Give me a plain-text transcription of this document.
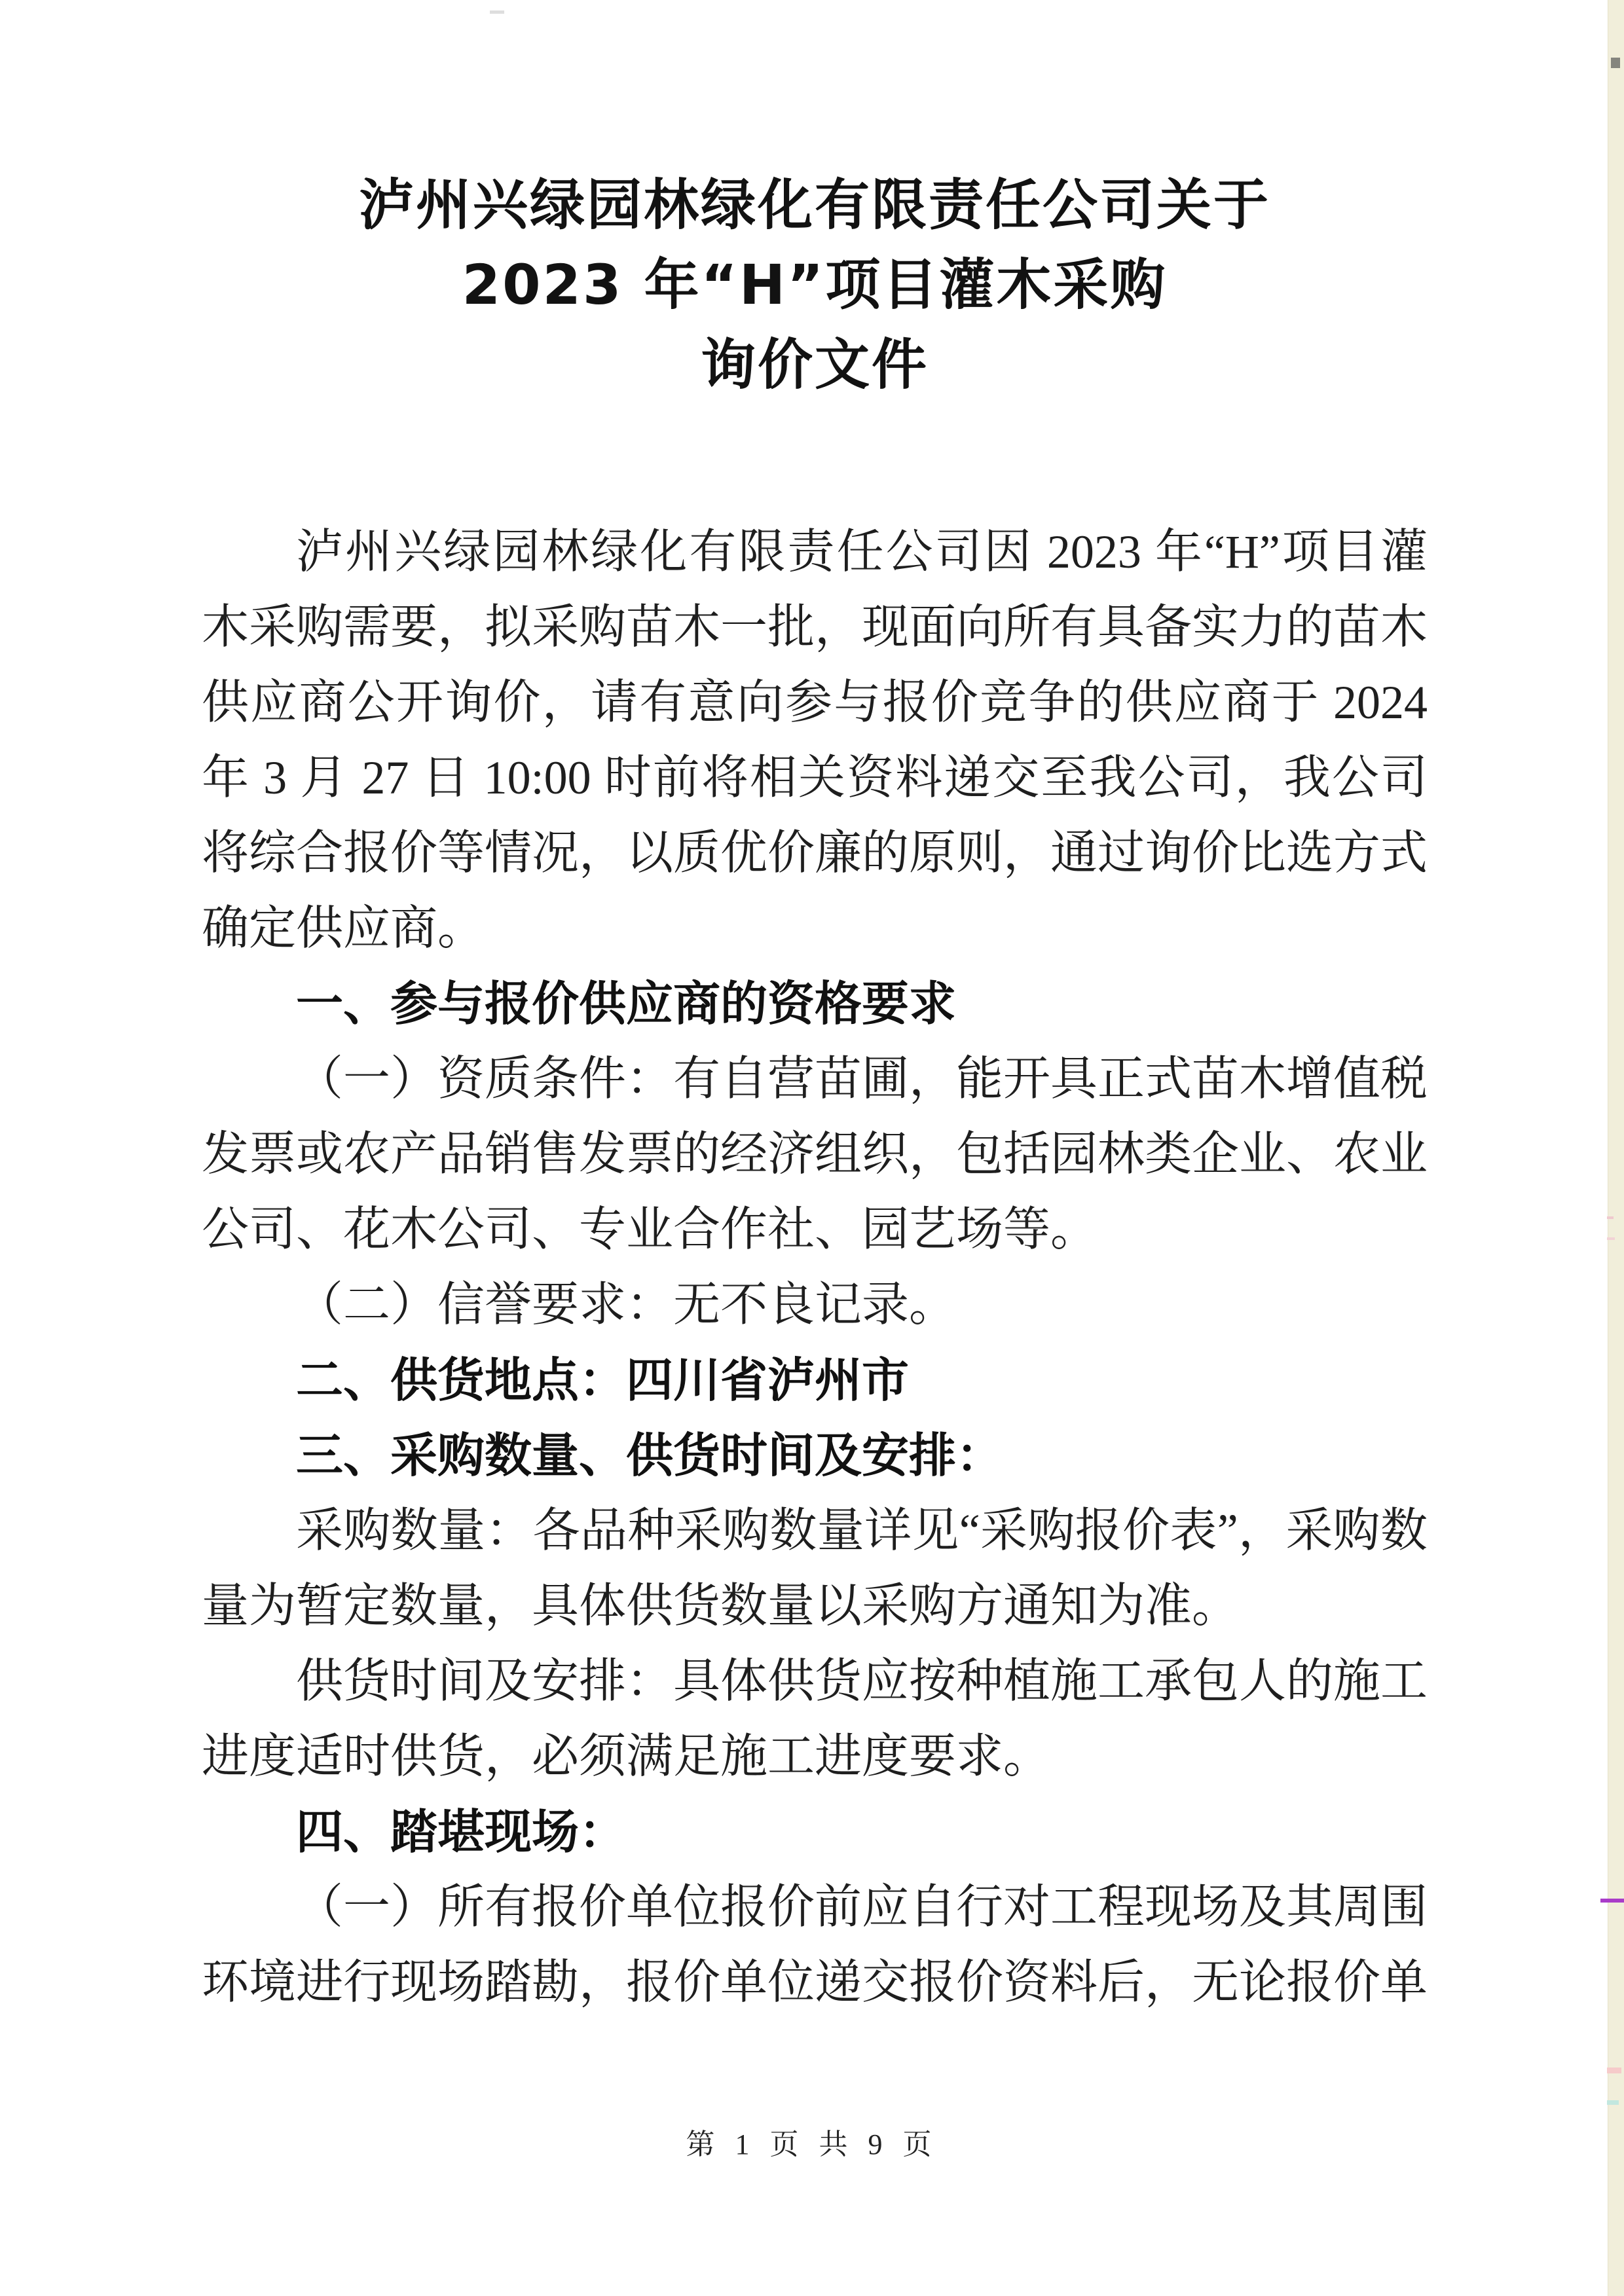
泸州兴绿园林绿化有限责任公司关于
2023 年“H”项目灌木采购
询价文件

泸州兴绿园林绿化有限责任公司因 2023 年“H”项目灌木采购需要，拟采购苗木一批，现面向所有具备实力的苗木供应商公开询价，请有意向参与报价竞争的供应商于 2024 年 3 月 27 日 10:00 时前将相关资料递交至我公司，我公司将综合报价等情况，以质优价廉的原则，通过询价比选方式确定供应商。

一、参与报价供应商的资格要求

（一）资质条件：有自营苗圃，能开具正式苗木增值税发票或农产品销售发票的经济组织，包括园林类企业、农业公司、花木公司、专业合作社、园艺场等。

（二）信誉要求：无不良记录。

二、供货地点：四川省泸州市

三、采购数量、供货时间及安排：

采购数量：各品种采购数量详见“采购报价表”，采购数量为暂定数量，具体供货数量以采购方通知为准。

供货时间及安排：具体供货应按种植施工承包人的施工进度适时供货，必须满足施工进度要求。

四、踏堪现场：

（一）所有报价单位报价前应自行对工程现场及其周围环境进行现场踏勘，报价单位递交报价资料后，无论报价单

第 1 页 共 9 页
